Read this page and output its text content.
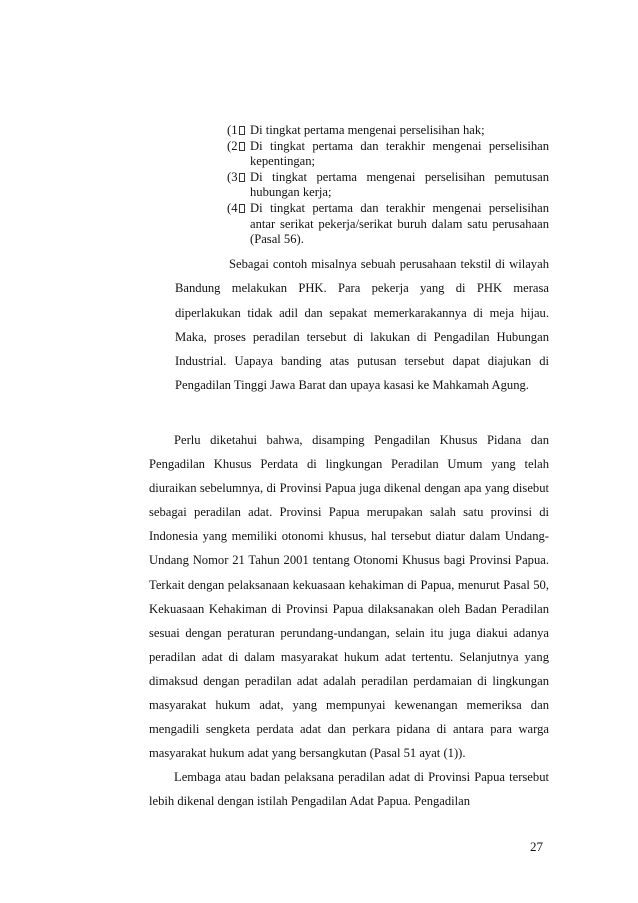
(1 Di tingkat pertama mengenai perselisihan hak;
(2 Di tingkat pertama dan terakhir mengenai perselisihan kepentingan;
(3 Di tingkat pertama mengenai perselisihan pemutusan hubungan kerja;
(4 Di tingkat pertama dan terakhir mengenai perselisihan antar serikat pekerja/serikat buruh dalam satu perusahaan (Pasal 56).

Sebagai contoh misalnya sebuah perusahaan tekstil di wilayah Bandung melakukan PHK. Para pekerja yang di PHK merasa diperlakukan tidak adil dan sepakat memerkarakannya di meja hijau. Maka, proses peradilan tersebut di lakukan di Pengadilan Hubungan Industrial. Uapaya banding atas putusan tersebut dapat diajukan di Pengadilan Tinggi Jawa Barat dan upaya kasasi ke Mahkamah Agung.

Perlu diketahui bahwa, disamping Pengadilan Khusus Pidana dan Pengadilan Khusus Perdata di lingkungan Peradilan Umum yang telah diuraikan sebelumnya, di Provinsi Papua juga dikenal dengan apa yang disebut sebagai peradilan adat. Provinsi Papua merupakan salah satu provinsi di Indonesia yang memiliki otonomi khusus, hal tersebut diatur dalam Undang-Undang Nomor 21 Tahun 2001 tentang Otonomi Khusus bagi Provinsi Papua. Terkait dengan pelaksanaan kekuasaan kehakiman di Papua, menurut Pasal 50, Kekuasaan Kehakiman di Provinsi Papua dilaksanakan oleh Badan Peradilan sesuai dengan peraturan perundang-undangan, selain itu juga diakui adanya peradilan adat di dalam masyarakat hukum adat tertentu. Selanjutnya yang dimaksud dengan peradilan adat adalah peradilan perdamaian di lingkungan masyarakat hukum adat, yang mempunyai kewenangan memeriksa dan mengadili sengketa perdata adat dan perkara pidana di antara para warga masyarakat hukum adat yang bersangkutan (Pasal 51 ayat (1)).

Lembaga atau badan pelaksana peradilan adat di Provinsi Papua tersebut lebih dikenal dengan istilah Pengadilan Adat Papua. Pengadilan

27
